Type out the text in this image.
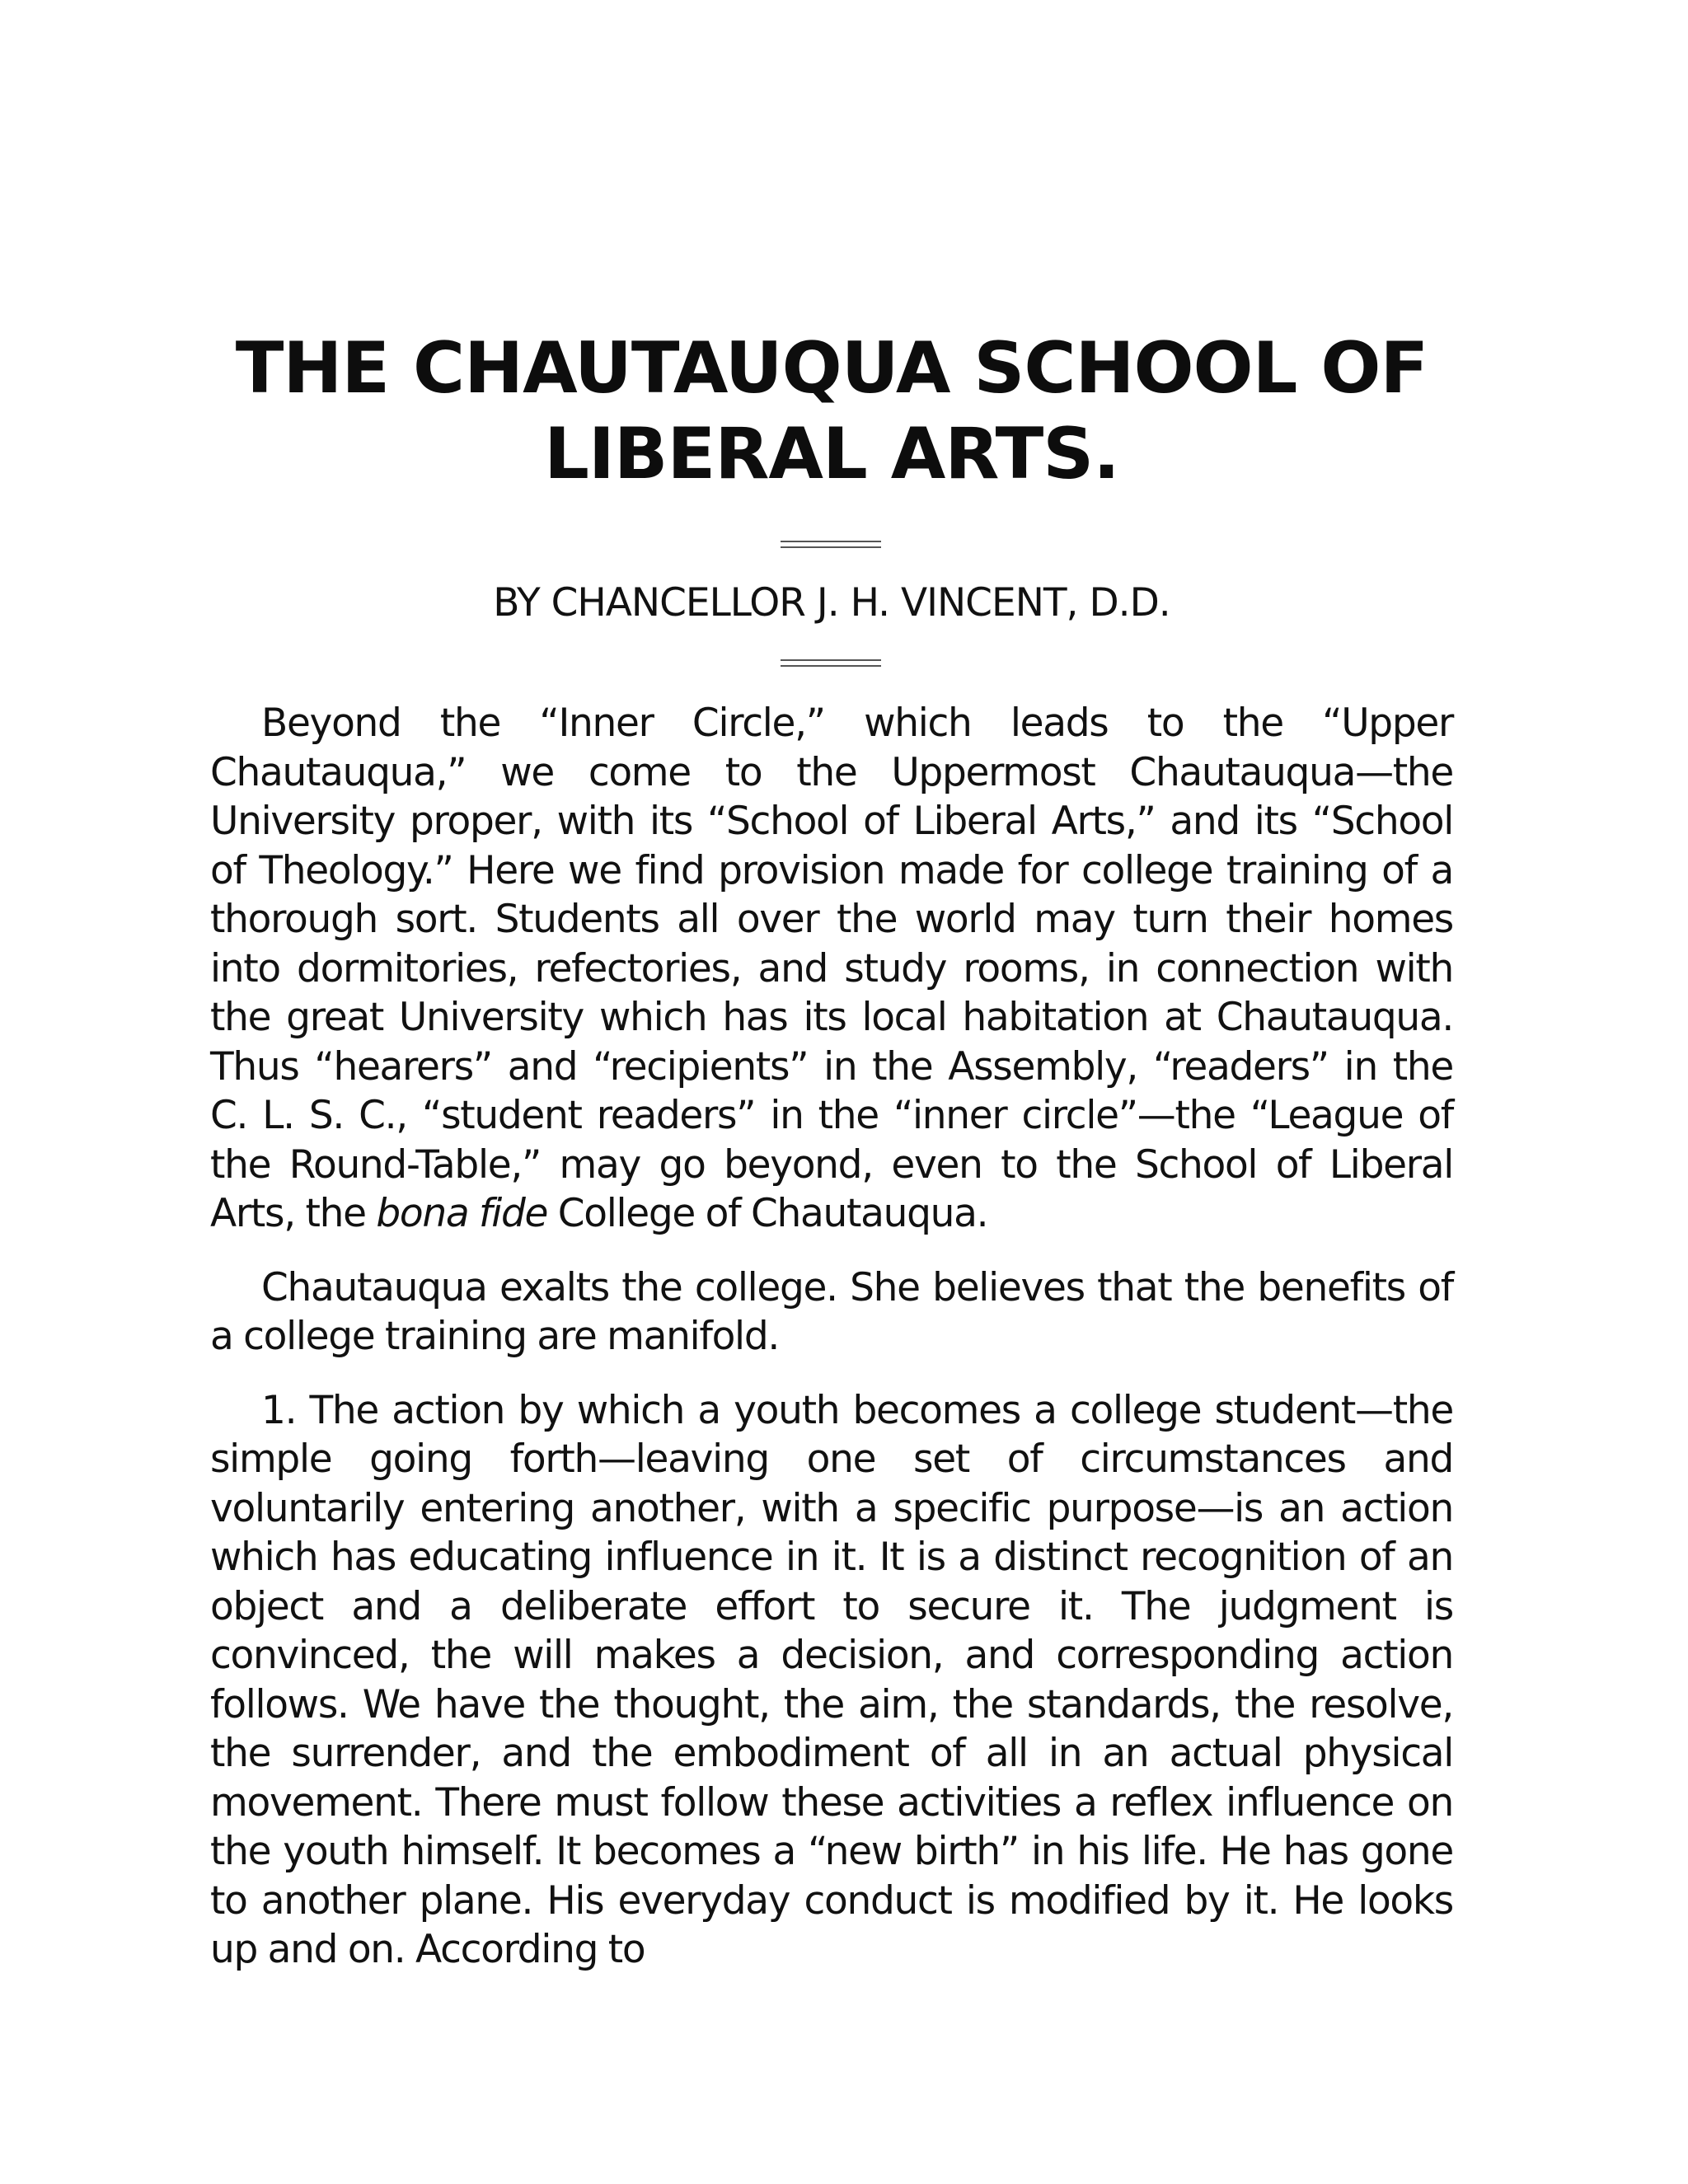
THE CHAUTAUQUA SCHOOL OF
LIBERAL ARTS.
BY CHANCELLOR J. H. VINCENT, D.D.

Beyond the “Inner Circle,” which leads to the “Upper Chautauqua,” we come to the Uppermost Chautauqua—the University proper, with its “School of Liberal Arts,” and its “School of Theology.” Here we find provision made for college training of a thorough sort. Students all over the world may turn their homes into dormitories, refectories, and study rooms, in connection with the great University which has its local habitation at Chautauqua. Thus “hearers” and “recipients” in the Assembly, “readers” in the C. L. S. C., “student readers” in the “inner circle”—the “League of the Round-Table,” may go beyond, even to the School of Liberal Arts, the bona fide College of Chautauqua.

Chautauqua exalts the college. She believes that the benefits of a college training are manifold.

1. The action by which a youth becomes a college student—the simple going forth—leaving one set of circumstances and voluntarily entering another, with a specific purpose—is an action which has educating influence in it. It is a distinct recognition of an object and a deliberate effort to secure it. The judgment is convinced, the will makes a decision, and corresponding action follows. We have the thought, the aim, the standards, the resolve, the surrender, and the embodiment of all in an actual physical movement. There must follow these activities a reflex influence on the youth himself. It becomes a “new birth” in his life. He has gone to another plane. His everyday conduct is modified by it. He looks up and on. According to
